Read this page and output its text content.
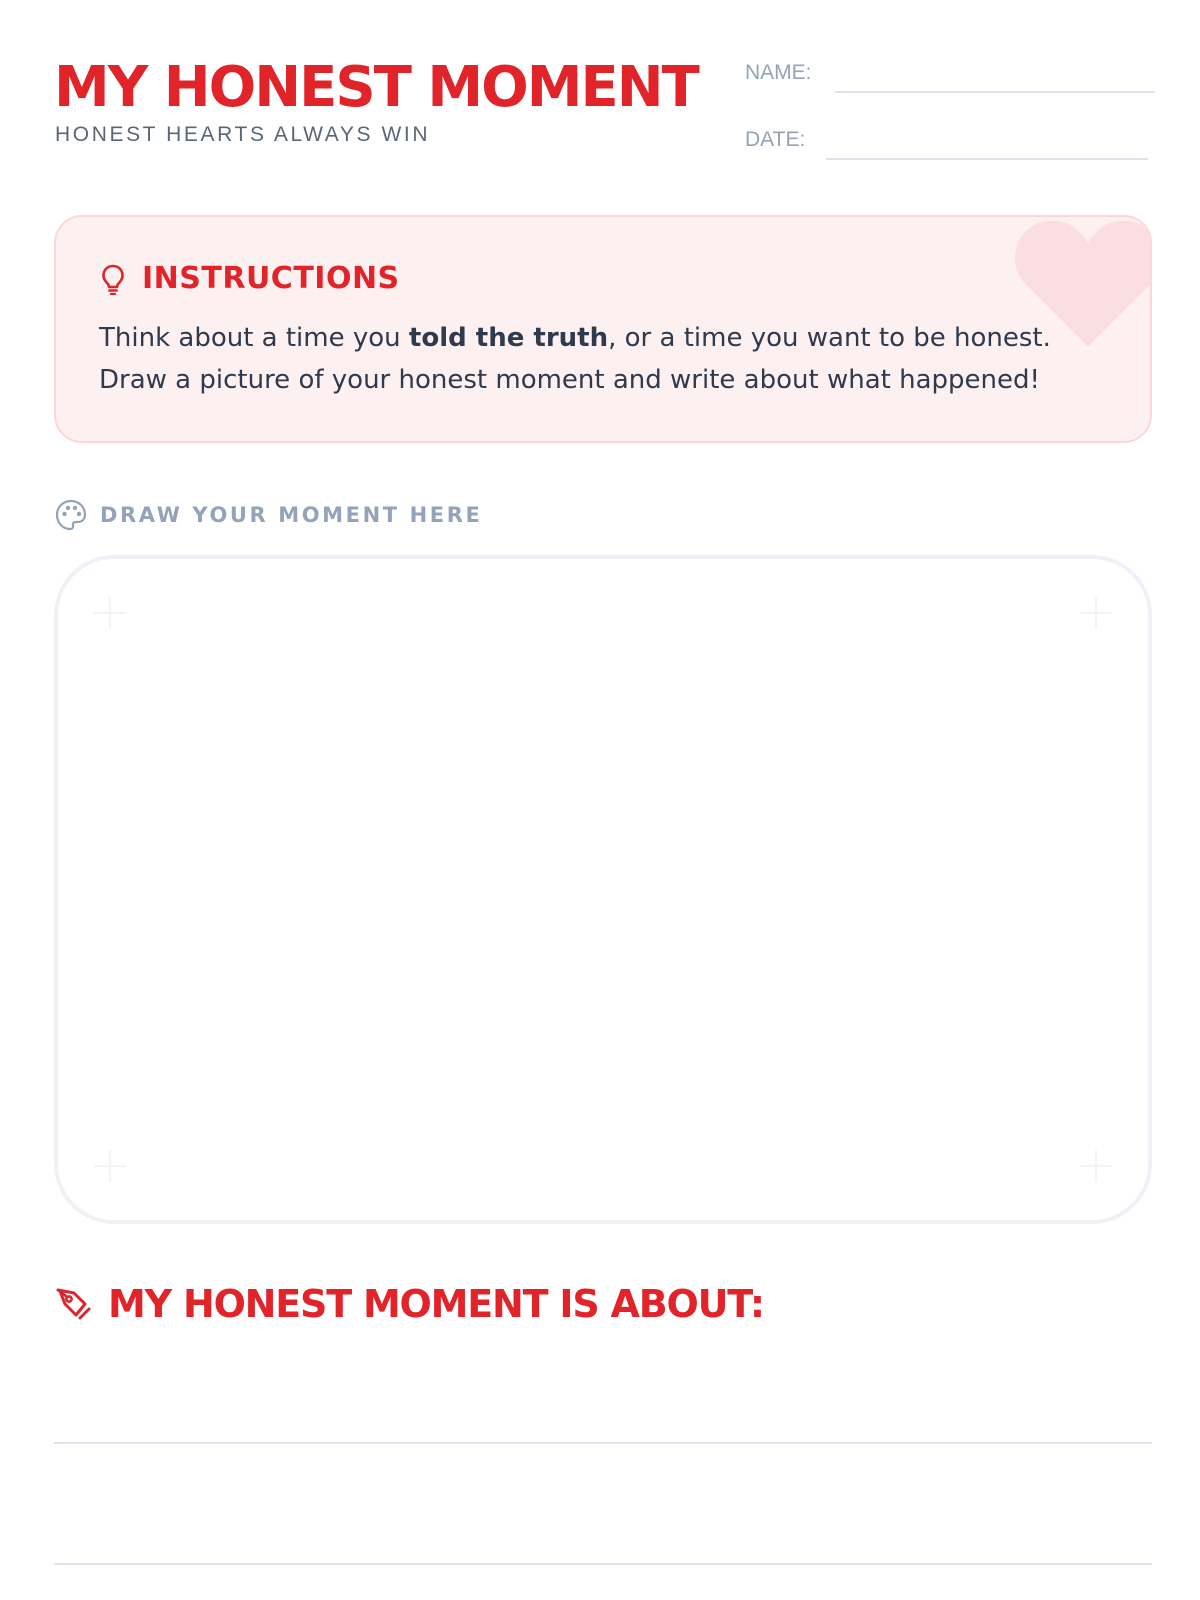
MY HONEST MOMENT
HONEST HEARTS ALWAYS WIN
NAME:
DATE:
INSTRUCTIONS
Think about a time you told the truth, or a time you want to be honest.
Draw a picture of your honest moment and write about what happened!
DRAW YOUR MOMENT HERE
MY HONEST MOMENT IS ABOUT:
